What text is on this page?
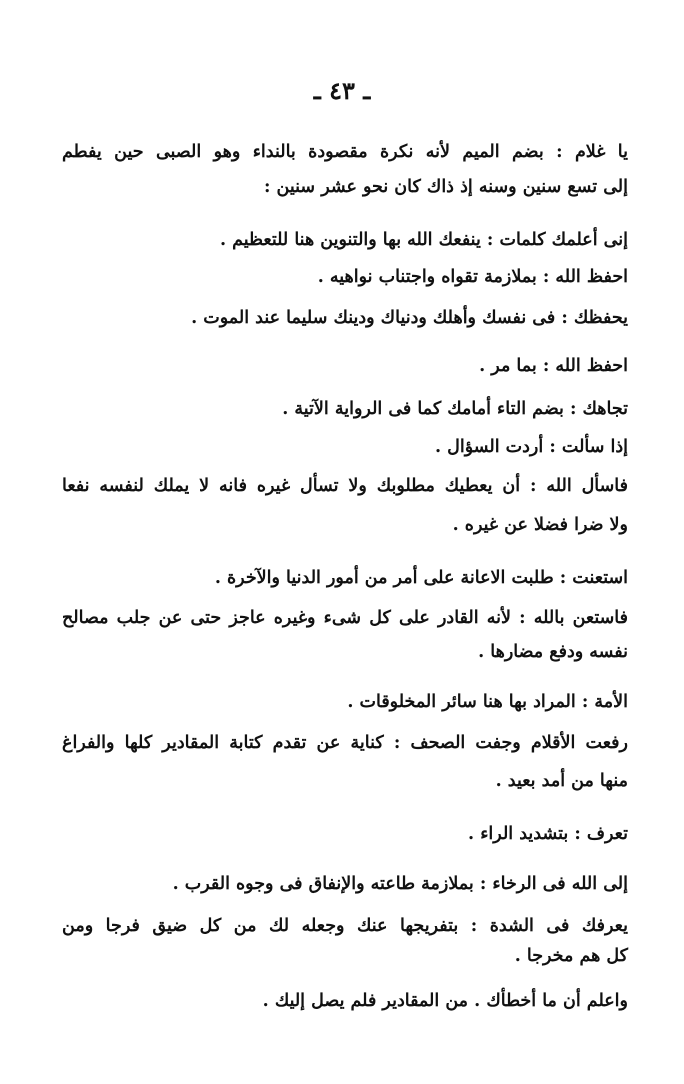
ـ ٤٣ ـ
يا غلام : بضم الميم لأنه نكرة مقصودة بالنداء وهو الصبى حين يفطم
إلى تسع سنين وسنه إذ ذاك كان نحو عشر سنين :
إنى أعلمك كلمات : ينفعك الله بها والتنوين هنا للتعظيم .
احفظ الله : بملازمة تقواه واجتناب نواهيه .
يحفظك : فى نفسك وأهلك ودنياك ودينك سليما عند الموت .
احفظ الله : بما مر .
تجاهك : بضم التاء أمامك كما فى الرواية الآتية .
إذا سألت : أردت السؤال .
فاسأل الله : أن يعطيك مطلوبك ولا تسأل غيره فانه لا يملك لنفسه نفعا
ولا ضرا فضلا عن غيره .
استعنت : طلبت الاعانة على أمر من أمور الدنيا والآخرة .
فاستعن بالله : لأنه القادر على كل شىء وغيره عاجز حتى عن جلب مصالح
نفسه ودفع مضارها .
الأمة : المراد بها هنا سائر المخلوقات .
رفعت الأقلام وجفت الصحف : كناية عن تقدم كتابة المقادير كلها والفراغ
منها من أمد بعيد .
تعرف : بتشديد الراء .
إلى الله فى الرخاء : بملازمة طاعته والإنفاق فى وجوه القرب .
يعرفك فى الشدة : بتفريجها عنك وجعله لك من كل ضيق فرجا ومن
كل هم مخرجا .
واعلم أن ما أخطأك . من المقادير فلم يصل إليك .
